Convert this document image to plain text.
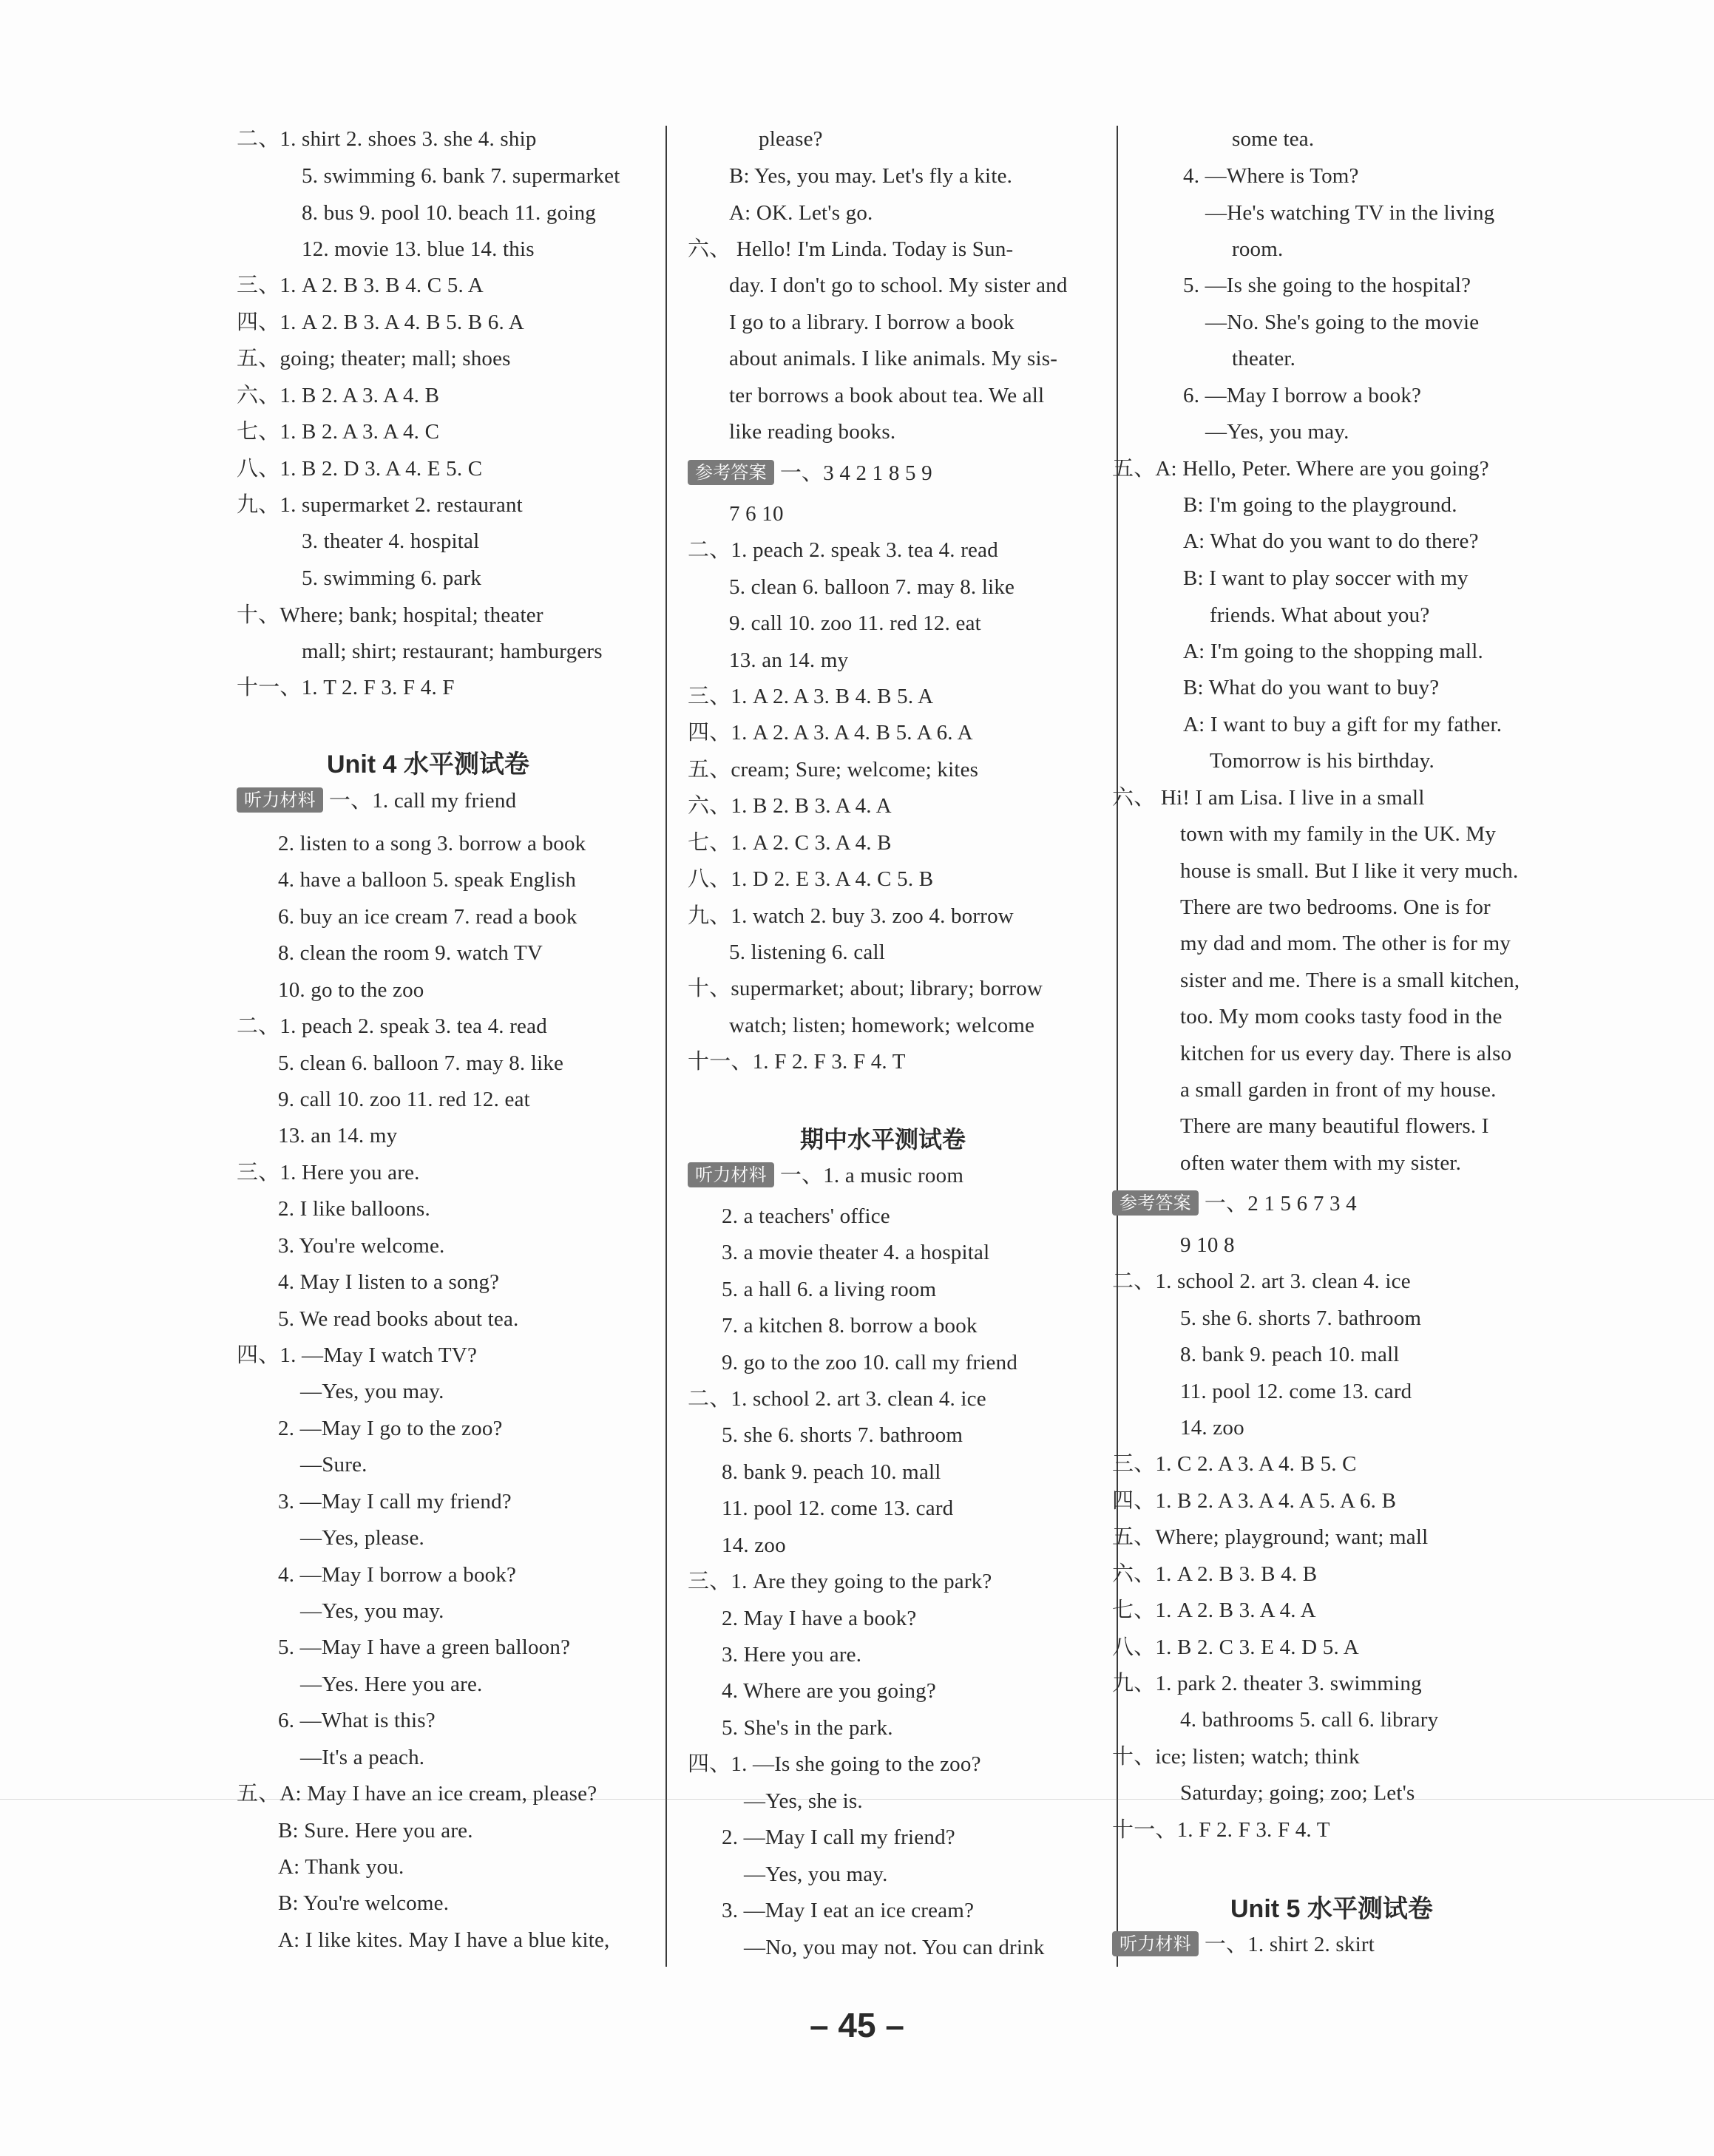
二、1. shirt 2. shoes 3. she 4. ship
5. swimming 6. bank 7. supermarket
8. bus 9. pool 10. beach 11. going
12. movie 13. blue 14. this
三、1. A 2. B 3. B 4. C 5. A
四、1. A 2. B 3. A 4. B 5. B 6. A
五、going; theater; mall; shoes
六、1. B 2. A 3. A 4. B
七、1. B 2. A 3. A 4. C
八、1. B 2. D 3. A 4. E 5. C
九、1. supermarket 2. restaurant
3. theater 4. hospital
5. swimming 6. park
十、Where; bank; hospital; theater
mall; shirt; restaurant; hamburgers
十一、1. T 2. F 3. F 4. F
Unit 4 水平测试卷
听力材料 一、1. call my friend
2. listen to a song 3. borrow a book
4. have a balloon 5. speak English
6. buy an ice cream 7. read a book
8. clean the room 9. watch TV
10. go to the zoo
二、1. peach 2. speak 3. tea 4. read
5. clean 6. balloon 7. may 8. like
9. call 10. zoo 11. red 12. eat
13. an 14. my
三、1. Here you are.
2. I like balloons.
3. You're welcome.
4. May I listen to a song?
5. We read books about tea.
四、1. —May I watch TV?
—Yes, you may.
2. —May I go to the zoo?
—Sure.
3. —May I call my friend?
—Yes, please.
4. —May I borrow a book?
—Yes, you may.
5. —May I have a green balloon?
—Yes. Here you are.
6. —What is this?
—It's a peach.
五、A: May I have an ice cream, please?
B: Sure. Here you are.
A: Thank you.
B: You're welcome.
A: I like kites. May I have a blue kite,
please?
B: Yes, you may. Let's fly a kite.
A: OK. Let's go.
六、 Hello! I'm Linda. Today is Sun-
day. I don't go to school. My sister and
I go to a library. I borrow a book
about animals. I like animals. My sis-
ter borrows a book about tea. We all
like reading books.
参考答案 一、3 4 2 1 8 5 9
7 6 10
二、1. peach 2. speak 3. tea 4. read
5. clean 6. balloon 7. may 8. like
9. call 10. zoo 11. red 12. eat
13. an 14. my
三、1. A 2. A 3. B 4. B 5. A
四、1. A 2. A 3. A 4. B 5. A 6. A
五、cream; Sure; welcome; kites
六、1. B 2. B 3. A 4. A
七、1. A 2. C 3. A 4. B
八、1. D 2. E 3. A 4. C 5. B
九、1. watch 2. buy 3. zoo 4. borrow
5. listening 6. call
十、supermarket; about; library; borrow
watch; listen; homework; welcome
十一、1. F 2. F 3. F 4. T
期中水平测试卷
听力材料 一、1. a music room
2. a teachers' office
3. a movie theater 4. a hospital
5. a hall 6. a living room
7. a kitchen 8. borrow a book
9. go to the zoo 10. call my friend
二、1. school 2. art 3. clean 4. ice
5. she 6. shorts 7. bathroom
8. bank 9. peach 10. mall
11. pool 12. come 13. card
14. zoo
三、1. Are they going to the park?
2. May I have a book?
3. Here you are.
4. Where are you going?
5. She's in the park.
四、1. —Is she going to the zoo?
—Yes, she is.
2. —May I call my friend?
—Yes, you may.
3. —May I eat an ice cream?
—No, you may not. You can drink
some tea.
4. —Where is Tom?
—He's watching TV in the living
room.
5. —Is she going to the hospital?
—No. She's going to the movie
theater.
6. —May I borrow a book?
—Yes, you may.
五、A: Hello, Peter. Where are you going?
B: I'm going to the playground.
A: What do you want to do there?
B: I want to play soccer with my
friends. What about you?
A: I'm going to the shopping mall.
B: What do you want to buy?
A: I want to buy a gift for my father.
Tomorrow is his birthday.
六、 Hi! I am Lisa. I live in a small
town with my family in the UK. My
house is small. But I like it very much.
There are two bedrooms. One is for
my dad and mom. The other is for my
sister and me. There is a small kitchen,
too. My mom cooks tasty food in the
kitchen for us every day. There is also
a small garden in front of my house.
There are many beautiful flowers. I
often water them with my sister.
参考答案 一、2 1 5 6 7 3 4
9 10 8
二、1. school 2. art 3. clean 4. ice
5. she 6. shorts 7. bathroom
8. bank 9. peach 10. mall
11. pool 12. come 13. card
14. zoo
三、1. C 2. A 3. A 4. B 5. C
四、1. B 2. A 3. A 4. A 5. A 6. B
五、Where; playground; want; mall
六、1. A 2. B 3. B 4. B
七、1. A 2. B 3. A 4. A
八、1. B 2. C 3. E 4. D 5. A
九、1. park 2. theater 3. swimming
4. bathrooms 5. call 6. library
十、ice; listen; watch; think
Saturday; going; zoo; Let's
十一、1. F 2. F 3. F 4. T
Unit 5 水平测试卷
听力材料 一、1. shirt 2. skirt
– 45 –
